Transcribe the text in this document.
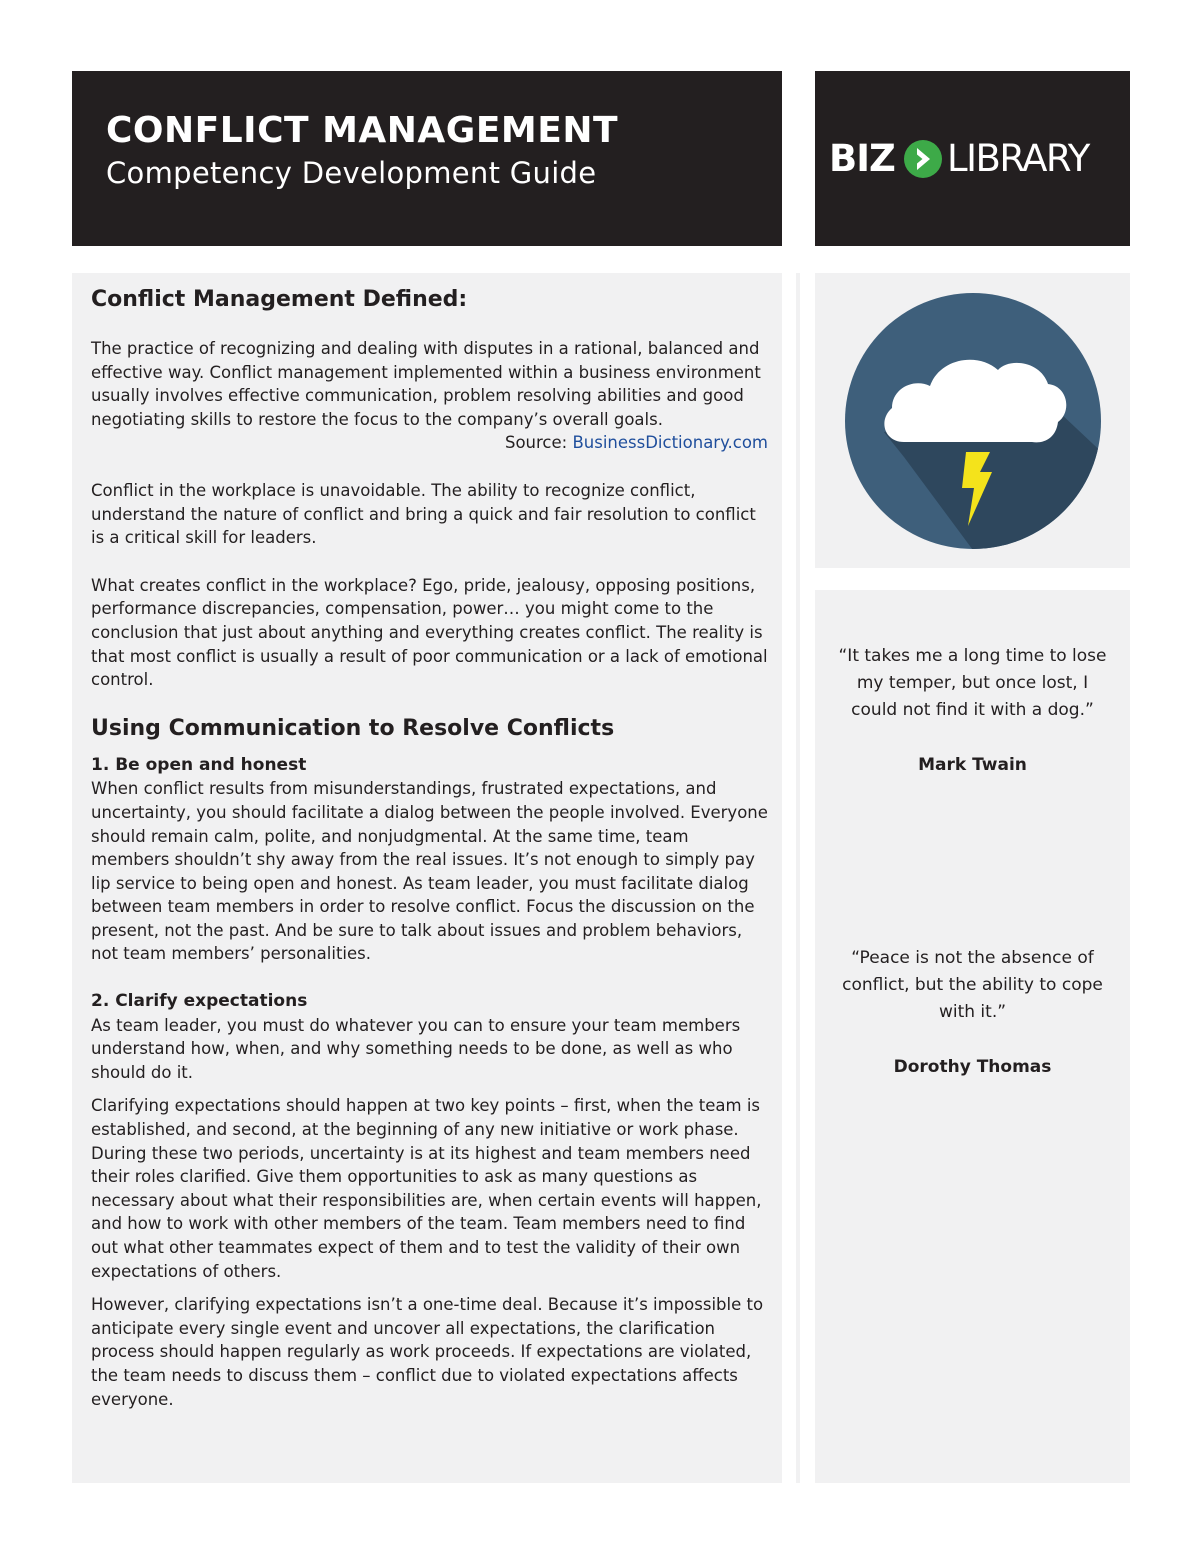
CONFLICT MANAGEMENT
Competency Development Guide	BIZ LIBRARY
Conflict Management Defined:

The practice of recognizing and dealing with disputes in a rational, balanced and effective way. Conflict management implemented within a business environment usually involves effective communication, problem resolving abilities and good negotiating skills to restore the focus to the company’s overall goals.

Source: BusinessDictionary.com

Conflict in the workplace is unavoidable. The ability to recognize conflict, understand the nature of conflict and bring a quick and fair resolution to conflict is a critical skill for leaders.

What creates conflict in the workplace? Ego, pride, jealousy, opposing positions, performance discrepancies, compensation, power… you might come to the conclusion that just about anything and everything creates conflict. The reality is that most conflict is usually a result of poor communication or a lack of emotional control.

Using Communication to Resolve Conflicts
1. Be open and honest

When conflict results from misunderstandings, frustrated expectations, and uncertainty, you should facilitate a dialog between the people involved. Everyone should remain calm, polite, and nonjudgmental. At the same time, team members shouldn’t shy away from the real issues. It’s not enough to simply pay lip service to being open and honest. As team leader, you must facilitate dialog between team members in order to resolve conflict. Focus the discussion on the present, not the past. And be sure to talk about issues and problem behaviors, not team members’ personalities.

2. Clarify expectations

As team leader, you must do whatever you can to ensure your team members understand how, when, and why something needs to be done, as well as who should do it.

Clarifying expectations should happen at two key points – first, when the team is established, and second, at the beginning of any new initiative or work phase. During these two periods, uncertainty is at its highest and team members need their roles clarified. Give them opportunities to ask as many questions as necessary about what their responsibilities are, when certain events will happen, and how to work with other members of the team. Team members need to find out what other teammates expect of them and to test the validity of their own expectations of others.

However, clarifying expectations isn’t a one-time deal. Because it’s impossible to anticipate every single event and uncover all expectations, the clarification process should happen regularly as work proceeds. If expectations are violated, the team needs to discuss them – conflict due to violated expectations affects everyone.

“It takes me a long time to lose my temper, but once lost, I could not find it with a dog.”
Mark Twain
“Peace is not the absence of conflict, but the ability to cope with it.”
Dorothy Thomas
